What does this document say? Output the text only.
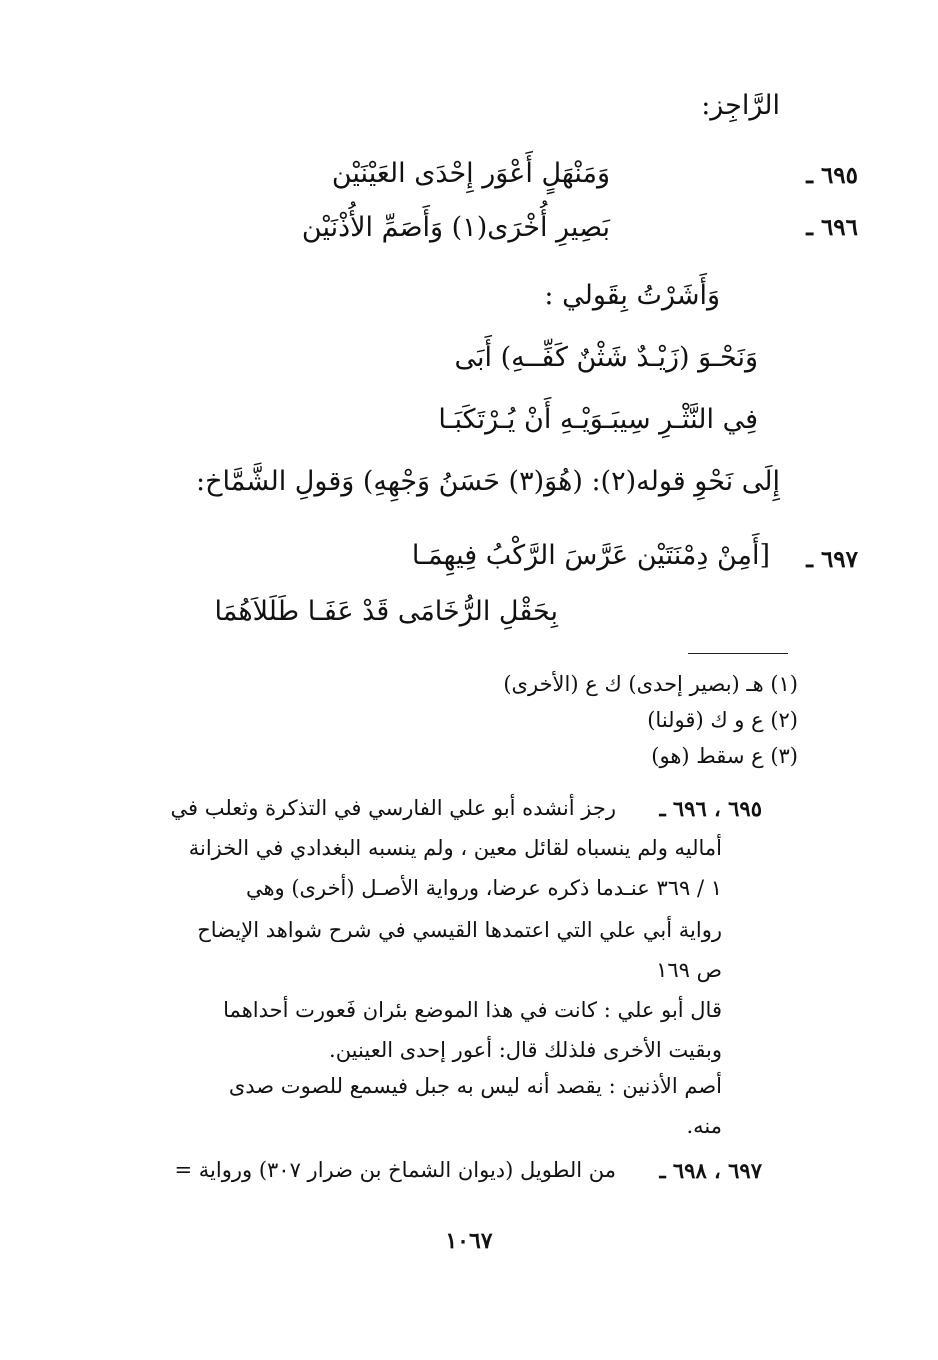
الرَّاجِز:
٦٩٥ ـ
وَمَنْهَلٍ أَعْوَر إِحْدَى العَيْنَيْن
٦٩٦ ـ
بَصِيرِ أُخْرَى(١) وَأَصَمِّ الأُذْنَيْن
وَأَشَرْتُ بِقَولي :
وَنَحْـوَ (زَيْـدٌ شَثْنٌ كَفِّــهِ) أَبَى
فِي النَّثْـرِ سِيبَـوَيْـهِ أَنْ يُـرْتَكَبَـا
إِلَى نَحْوِ قوله(٢): (هُوَ(٣) حَسَنُ وَجْهِهِ) وَقولِ الشَّمَّاخ:
٦٩٧ ـ
[أَمِنْ دِمْنَتَيْن عَرَّسَ الرَّكْبُ فِيهِمَـا
بِحَقْلِ الرُّخَامَى قَدْ عَفَـا طَلَلاَهُمَا
(١) هـ (بصير إحدى) ك ع (الأخرى)
(٢) ع و ك (قولنا)
(٣) ع سقط (هو)
٦٩٥ ، ٦٩٦ ـ
رجز أنشده أبو علي الفارسي في التذكرة وثعلب في
أماليه ولم ينسباه لقائل معين ، ولم ينسبه البغدادي في الخزانة
١ / ٣٦٩ عنـدما ذكره عرضا، ورواية الأصـل (أخرى) وهي
رواية أبي علي التي اعتمدها القيسي في شرح شواهد الإيضاح
ص ١٦٩
قال أبو علي : كانت في هذا الموضع بئران فَعورت أحداهما
وبقيت الأخرى فلذلك قال: أعور إحدى العينين.
أصم الأذنين : يقصد أنه ليس به جبل فيسمع للصوت صدى
منه.
٦٩٧ ، ٦٩٨ ـ
من الطويل (ديوان الشماخ بن ضرار ٣٠٧) ورواية =
١٠٦٧
